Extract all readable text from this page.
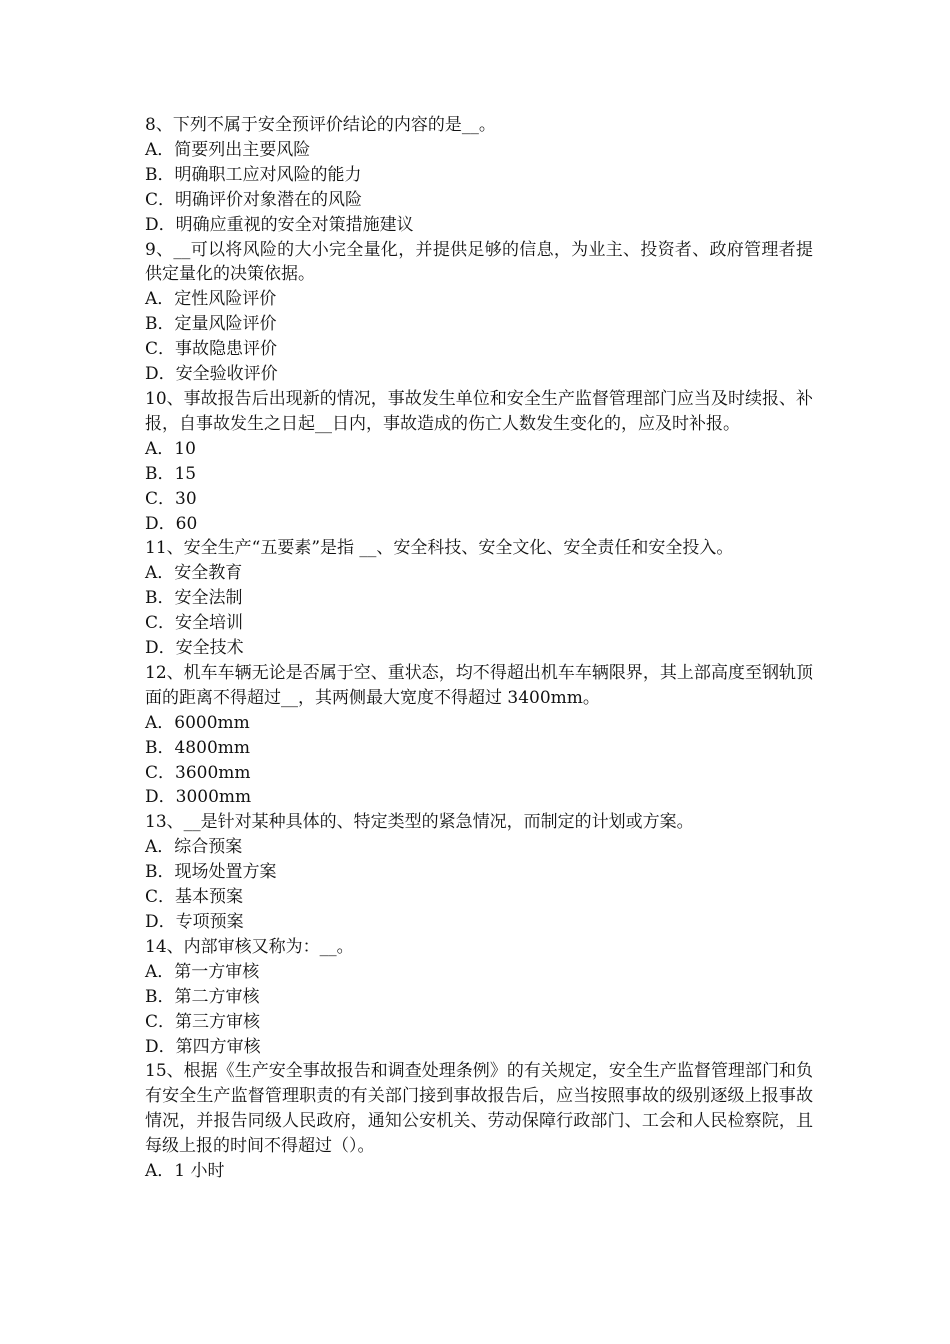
8、下列不属于安全预评价结论的内容的是__。
A．简要列出主要风险
B．明确职工应对风险的能力
C．明确评价对象潜在的风险
D．明确应重视的安全对策措施建议
9、__可以将风险的大小完全量化，并提供足够的信息，为业主、投资者、政府管理者提供定量化的决策依据。
A．定性风险评价
B．定量风险评价
C．事故隐患评价
D．安全验收评价
10、事故报告后出现新的情况，事故发生单位和安全生产监督管理部门应当及时续报、补报，自事故发生之日起__日内，事故造成的伤亡人数发生变化的，应及时补报。
A．10
B．15
C．30
D．60
11、安全生产“五要素”是指 __、安全科技、安全文化、安全责任和安全投入。
A．安全教育
B．安全法制
C．安全培训
D．安全技术
12、机车车辆无论是否属于空、重状态，均不得超出机车车辆限界，其上部高度至钢轨顶面的距离不得超过__，其两侧最大宽度不得超过 3400mm。
A．6000mm
B．4800mm
C．3600mm
D．3000mm
13、__是针对某种具体的、特定类型的紧急情况，而制定的计划或方案。
A．综合预案
B．现场处置方案
C．基本预案
D．专项预案
14、内部审核又称为：__。
A．第一方审核
B．第二方审核
C．第三方审核
D．第四方审核
15、根据《生产安全事故报告和调查处理条例》的有关规定，安全生产监督管理部门和负有安全生产监督管理职责的有关部门接到事故报告后，应当按照事故的级别逐级上报事故情况，并报告同级人民政府，通知公安机关、劳动保障行政部门、工会和人民检察院，且每级上报的时间不得超过（）。
A．1 小时
